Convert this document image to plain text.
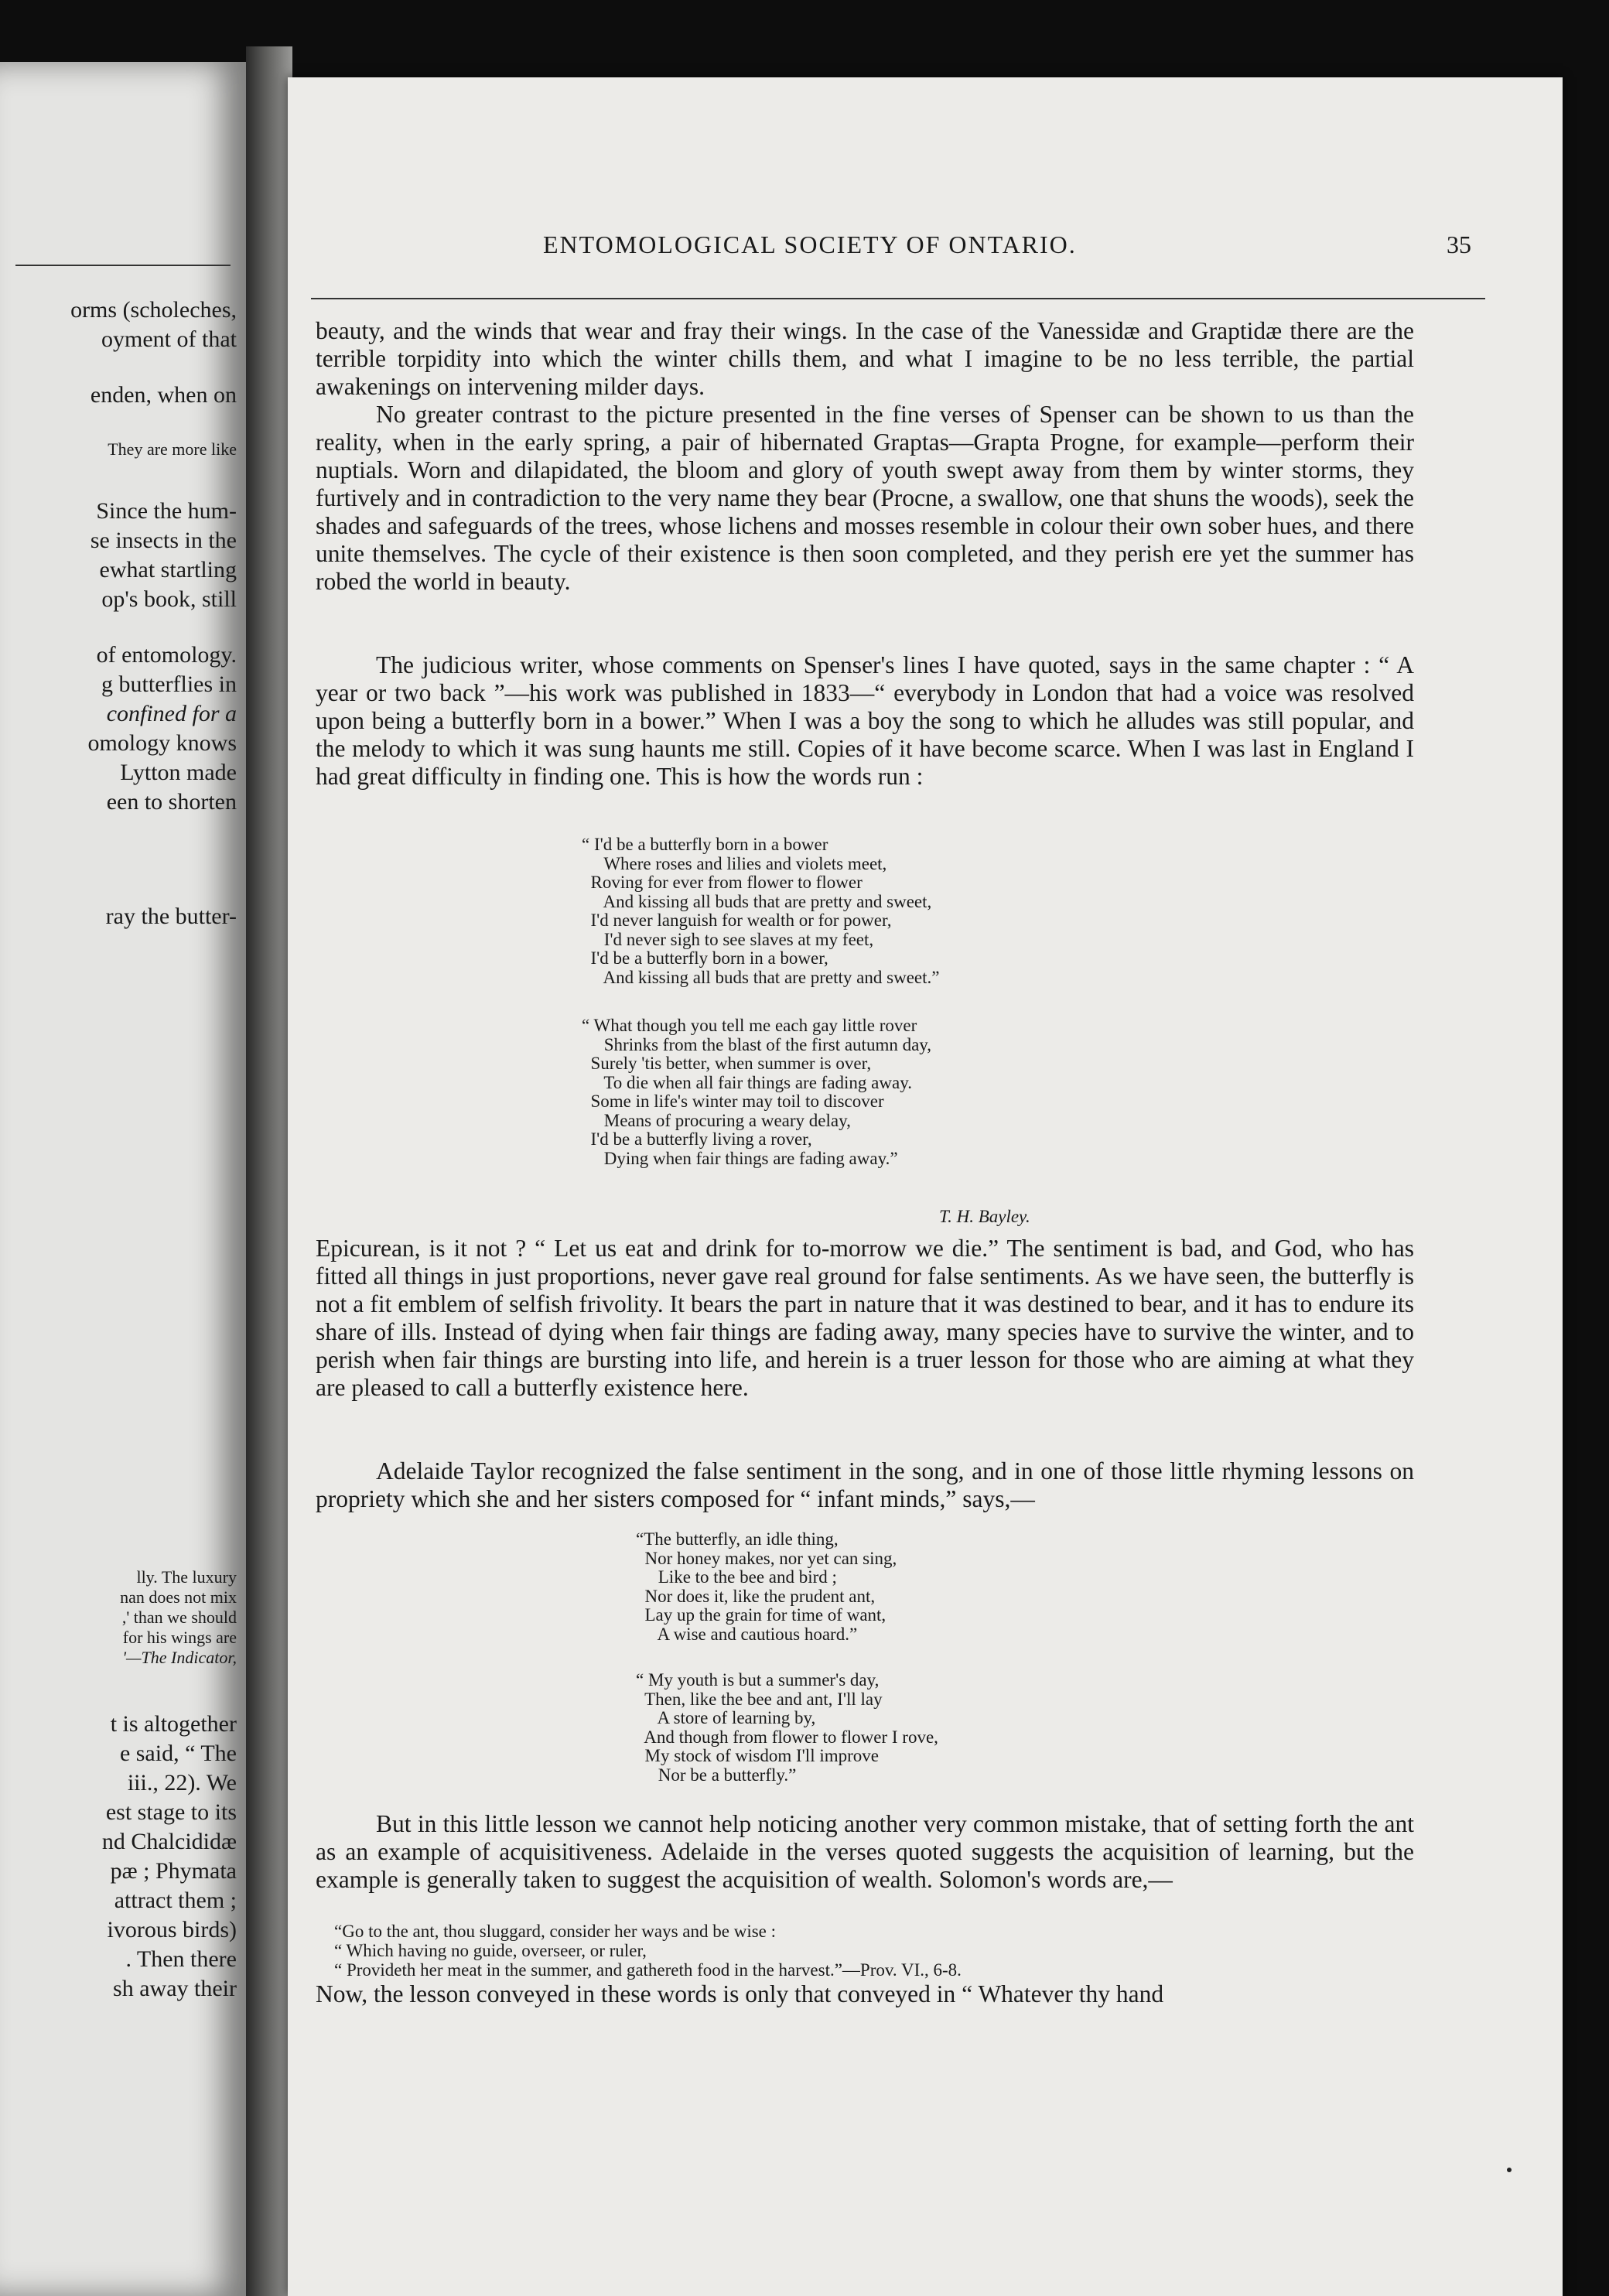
orms (scholeches,
oyment of that
enden, when on
They are more like
Since the hum-
se insects in the
ewhat startling
op's book, still
of entomology.
g butterflies in
confined for a
omology knows
Lytton made
een to shorten
ray the butter-
lly. The luxury
nan does not mix
,' than we should
for his wings are
'—The Indicator,
t is altogether
e said, “ The
iii., 22). We
est stage to its
nd Chalcididæ
pæ ; Phymata
attract them ;
ivorous birds)
. Then there
sh away their
ENTOMOLOGICAL SOCIETY OF ONTARIO.	35
beauty, and the winds that wear and fray their wings. In the case of the Vanessidæ and Graptidæ there are the terrible torpidity into which the winter chills them, and what I imagine to be no less terrible, the partial awakenings on intervening milder days.
No greater contrast to the picture presented in the fine verses of Spenser can be shown to us than the reality, when in the early spring, a pair of hibernated Graptas—Grapta Progne, for example—perform their nuptials. Worn and dilapidated, the bloom and glory of youth swept away from them by winter storms, they furtively and in contradiction to the very name they bear (Procne, a swallow, one that shuns the woods), seek the shades and safeguards of the trees, whose lichens and mosses resemble in colour their own sober hues, and there unite themselves. The cycle of their existence is then soon completed, and they perish ere yet the summer has robed the world in beauty.
The judicious writer, whose comments on Spenser's lines I have quoted, says in the same chapter : “ A year or two back ”—his work was published in 1833—“ everybody in London that had a voice was resolved upon being a butterfly born in a bower.” When I was a boy the song to which he alludes was still popular, and the melody to which it was sung haunts me still. Copies of it have become scarce. When I was last in England I had great difficulty in finding one. This is how the words run :
“ I'd be a butterfly born in a bower
Where roses and lilies and violets meet,
Roving for ever from flower to flower
And kissing all buds that are pretty and sweet,
I'd never languish for wealth or for power,
I'd never sigh to see slaves at my feet,
I'd be a butterfly born in a bower,
And kissing all buds that are pretty and sweet.”
“ What though you tell me each gay little rover
Shrinks from the blast of the first autumn day,
Surely 'tis better, when summer is over,
To die when all fair things are fading away.
Some in life's winter may toil to discover
Means of procuring a weary delay,
I'd be a butterfly living a rover,
Dying when fair things are fading away.”
T. H. Bayley.
Epicurean, is it not ? “ Let us eat and drink for to-morrow we die.” The sentiment is bad, and God, who has fitted all things in just proportions, never gave real ground for false sentiments. As we have seen, the butterfly is not a fit emblem of selfish frivolity. It bears the part in nature that it was destined to bear, and it has to endure its share of ills. Instead of dying when fair things are fading away, many species have to survive the winter, and to perish when fair things are bursting into life, and herein is a truer lesson for those who are aiming at what they are pleased to call a butterfly existence here.
Adelaide Taylor recognized the false sentiment in the song, and in one of those little rhyming lessons on propriety which she and her sisters composed for “ infant minds,” says,—
“The butterfly, an idle thing,
Nor honey makes, nor yet can sing,
Like to the bee and bird ;
Nor does it, like the prudent ant,
Lay up the grain for time of want,
A wise and cautious hoard.”
“ My youth is but a summer's day,
Then, like the bee and ant, I'll lay
A store of learning by,
And though from flower to flower I rove,
My stock of wisdom I'll improve
Nor be a butterfly.”
But in this little lesson we cannot help noticing another very common mistake, that of setting forth the ant as an example of acquisitiveness. Adelaide in the verses quoted suggests the acquisition of learning, but the example is generally taken to suggest the acquisition of wealth. Solomon's words are,—
“Go to the ant, thou sluggard, consider her ways and be wise :
“ Which having no guide, overseer, or ruler,
“ Provideth her meat in the summer, and gathereth food in the harvest.”—Prov. VI., 6-8.
Now, the lesson conveyed in these words is only that conveyed in “ Whatever thy hand
